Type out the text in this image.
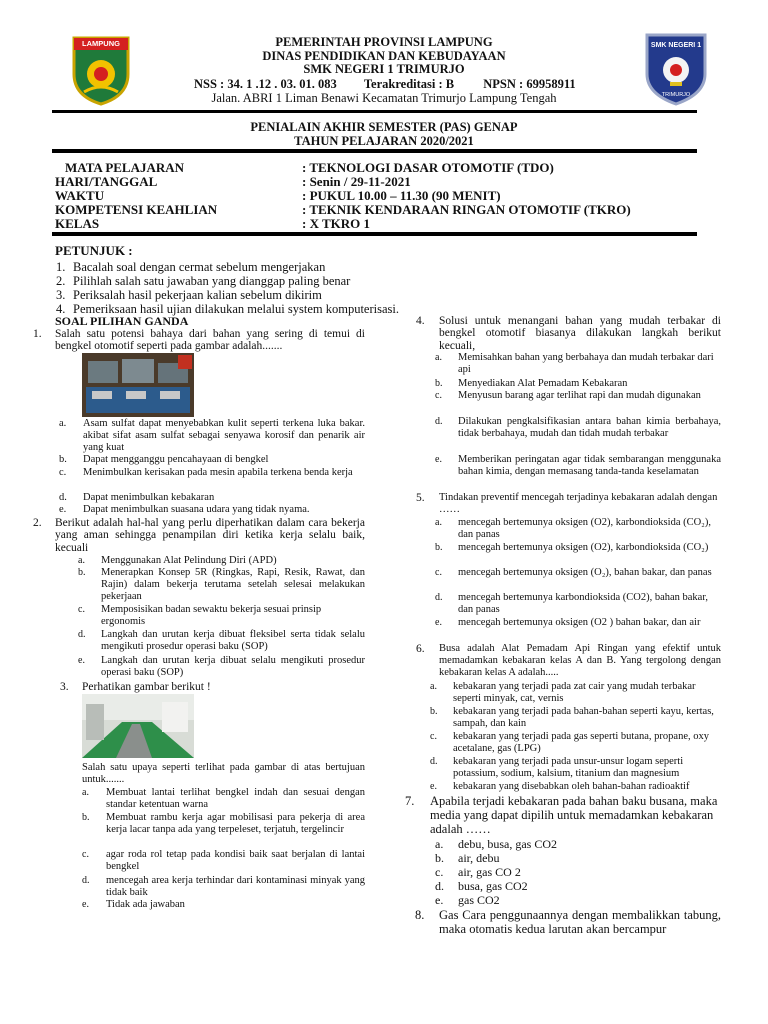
LAMPUNG	SMK NEGERI 1
TRIMURJO
PEMERINTAH PROVINSI LAMPUNG
DINAS PENDIDIKAN DAN KEBUDAYAAN
SMK NEGERI 1 TRIMURJO
NSS : 34. 1 .12 . 03. 01. 083 Terakreditasi : B NPSN : 69958911
Jalan. ABRI 1 Liman Benawi Kecamatan Trimurjo Lampung Tengah
PENIALAIN AKHIR SEMESTER (PAS) GENAP
TAHUN PELAJARAN 2020/2021
MATA PELAJARAN	: TEKNOLOGI DASAR OTOMOTIF (TDO)
HARI/TANGGAL	: Senin / 29-11-2021
WAKTU	: PUKUL 10.00 – 11.30 (90 MENIT)
KOMPETENSI KEAHLIAN	: TEKNIK KENDARAAN RINGAN OTOMOTIF (TKRO)
KELAS	: X TKRO 1
PETUNJUK :
1. Bacalah soal dengan cermat sebelum mengerjakan
2. Pilihlah salah satu jawaban yang dianggap paling benar
3. Periksalah hasil pekerjaan kalian sebelum dikirim
4. Pemeriksaan hasil ujian dilakukan melalui system komputerisasi.
SOAL PILIHAN GANDA
1. Salah satu potensi bahaya dari bahan yang sering di temui di bengkel otomotif seperti pada gambar adalah.......
a. Asam sulfat dapat menyebabkan kulit seperti terkena luka bakar. akibat sifat asam sulfat sebagai senyawa korosif dan penarik air yang kuat
b. Dapat mengganggu pencahayaan di bengkel
c. Menimbulkan kerisakan pada mesin apabila terkena benda kerja
d. Dapat menimbulkan kebakaran
e. Dapat menimbulkan suasana udara yang tidak nyama.
2. Berikut adalah hal-hal yang perlu diperhatikan dalam cara bekerja yang aman sehingga penampilan diri ketika kerja selalu baik, kecuali
a. Menggunakan Alat Pelindung Diri (APD)
b. Menerapkan Konsep 5R (Ringkas, Rapi, Resik, Rawat, dan Rajin) dalam bekerja terutama setelah selesai melakukan pekerjaan
c. Memposisikan badan sewaktu bekerja sesuai prinsip ergonomis
d. Langkah dan urutan kerja dibuat fleksibel serta tidak selalu mengikuti prosedur operasi baku (SOP)
e. Langkah dan urutan kerja dibuat selalu mengikuti prosedur operasi baku (SOP)
3. Perhatikan gambar berikut !
Salah satu upaya seperti terlihat pada gambar di atas bertujuan untuk.......
a. Membuat lantai terlihat bengkel indah dan sesuai dengan standar ketentuan warna
b. Membuat rambu kerja agar mobilisasi para pekerja di area kerja lacar tanpa ada yang terpeleset, terjatuh, tergelincir
c. agar roda rol tetap pada kondisi baik saat berjalan di lantai bengkel
d. mencegah area kerja terhindar dari kontaminasi minyak yang tidak baik
e. Tidak ada jawaban
4. Solusi untuk menangani bahan yang mudah terbakar di bengkel otomotif biasanya dilakukan langkah berikut kecuali,
a. Memisahkan bahan yang berbahaya dan mudah terbakar dari api
b. Menyediakan Alat Pemadam Kebakaran
c. Menyusun barang agar terlihat rapi dan mudah digunakan
d. Dilakukan pengkalsifikasian antara bahan kimia berbahaya, tidak berbahaya, mudah dan tidah mudah terbakar
e. Memberikan peringatan agar tidak sembarangan menggunaka bahan kimia, dengan memasang tanda-tanda keselamatan
5. Tindakan preventif mencegah terjadinya kebakaran adalah dengan ……
a. mencegah bertemunya oksigen (O2), karbondioksida (CO₂), dan panas
b. mencegah bertemunya oksigen (O2), karbondioksida (CO₂)
c. mencegah bertemunya oksigen (O₂), bahan bakar, dan panas
d. mencegah bertemunya karbondioksida (CO2), bahan bakar, dan panas
e. mencegah bertemunya oksigen (O2 ) bahan bakar, dan air
6. Busa adalah Alat Pemadam Api Ringan yang efektif untuk memadamkan kebakaran kelas A dan B. Yang tergolong dengan kebakaran kelas A adalah.....
a. kebakaran yang terjadi pada zat cair yang mudah terbakar seperti minyak, cat, vernis
b. kebakaran yang terjadi pada bahan-bahan seperti kayu, kertas, sampah, dan kain
c. kebakaran yang terjadi pada gas seperti butana, propane, oxy acetalane, gas (LPG)
d. kebakaran yang terjadi pada unsur-unsur logam seperti potassium, sodium, kalsium, titanium dan magnesium
e. kebakaran yang disebabkan oleh bahan-bahan radioaktif
7. Apabila terjadi kebakaran pada bahan baku busana, maka media yang dapat dipilih untuk memadamkan kebakaran adalah ……
a. debu, busa, gas CO2
b. air, debu
c. air, gas CO 2
d. busa, gas CO2
e. gas CO2
8. Gas Cara penggunaannya dengan membalikkan tabung, maka otomatis kedua larutan akan bercampur
